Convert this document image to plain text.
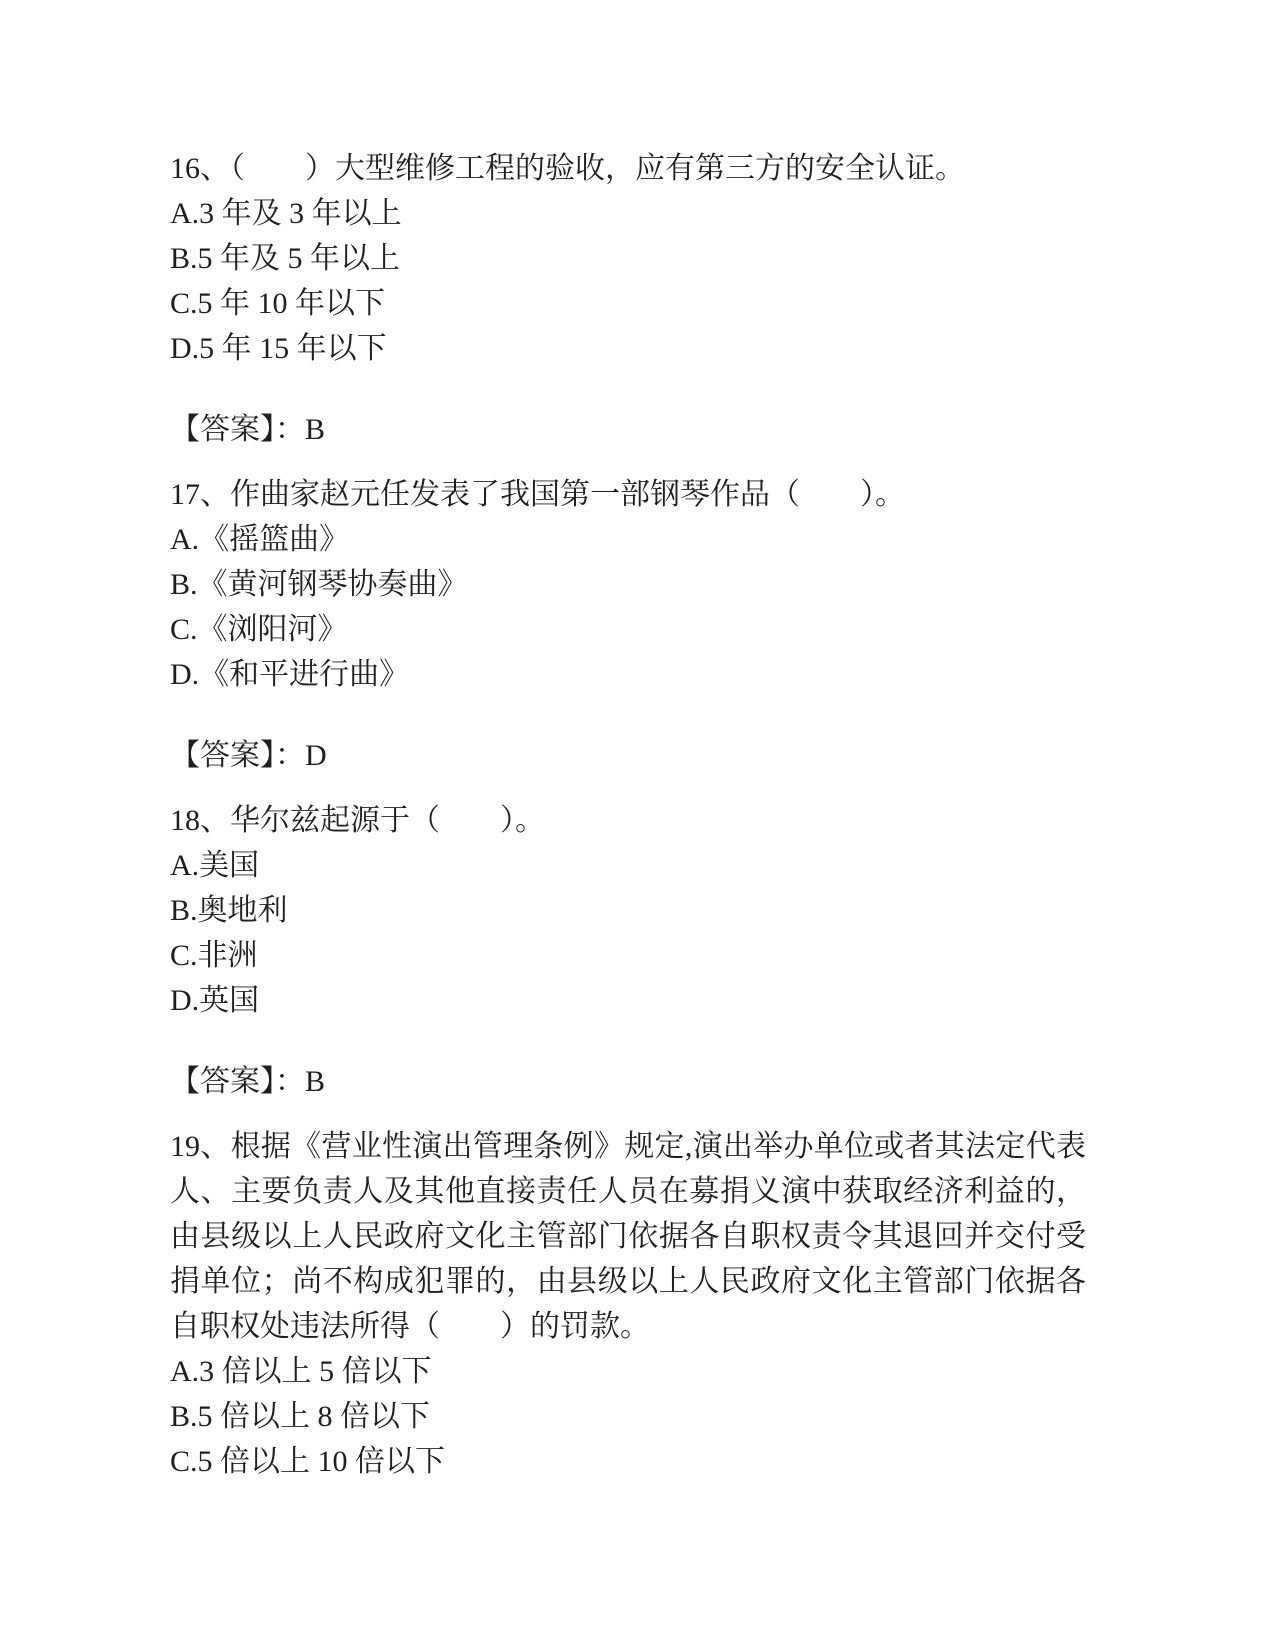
16、（　　）大型维修工程的验收，应有第三方的安全认证。

A.3 年及 3 年以上

B.5 年及 5 年以上

C.5 年 10 年以下

D.5 年 15 年以下

【答案】：B

17、作曲家赵元任发表了我国第一部钢琴作品（　　）。

A.《摇篮曲》

B.《黄河钢琴协奏曲》

C.《浏阳河》

D.《和平进行曲》

【答案】：D

18、华尔兹起源于（　　）。

A.美国

B.奥地利

C.非洲

D.英国

【答案】：B

19、根据《营业性演出管理条例》规定,演出举办单位或者其法定代表人、主要负责人及其他直接责任人员在募捐义演中获取经济利益的，由县级以上人民政府文化主管部门依据各自职权责令其退回并交付受捐单位；尚不构成犯罪的，由县级以上人民政府文化主管部门依据各自职权处违法所得（　　）的罚款。

A.3 倍以上 5 倍以下

B.5 倍以上 8 倍以下

C.5 倍以上 10 倍以下
